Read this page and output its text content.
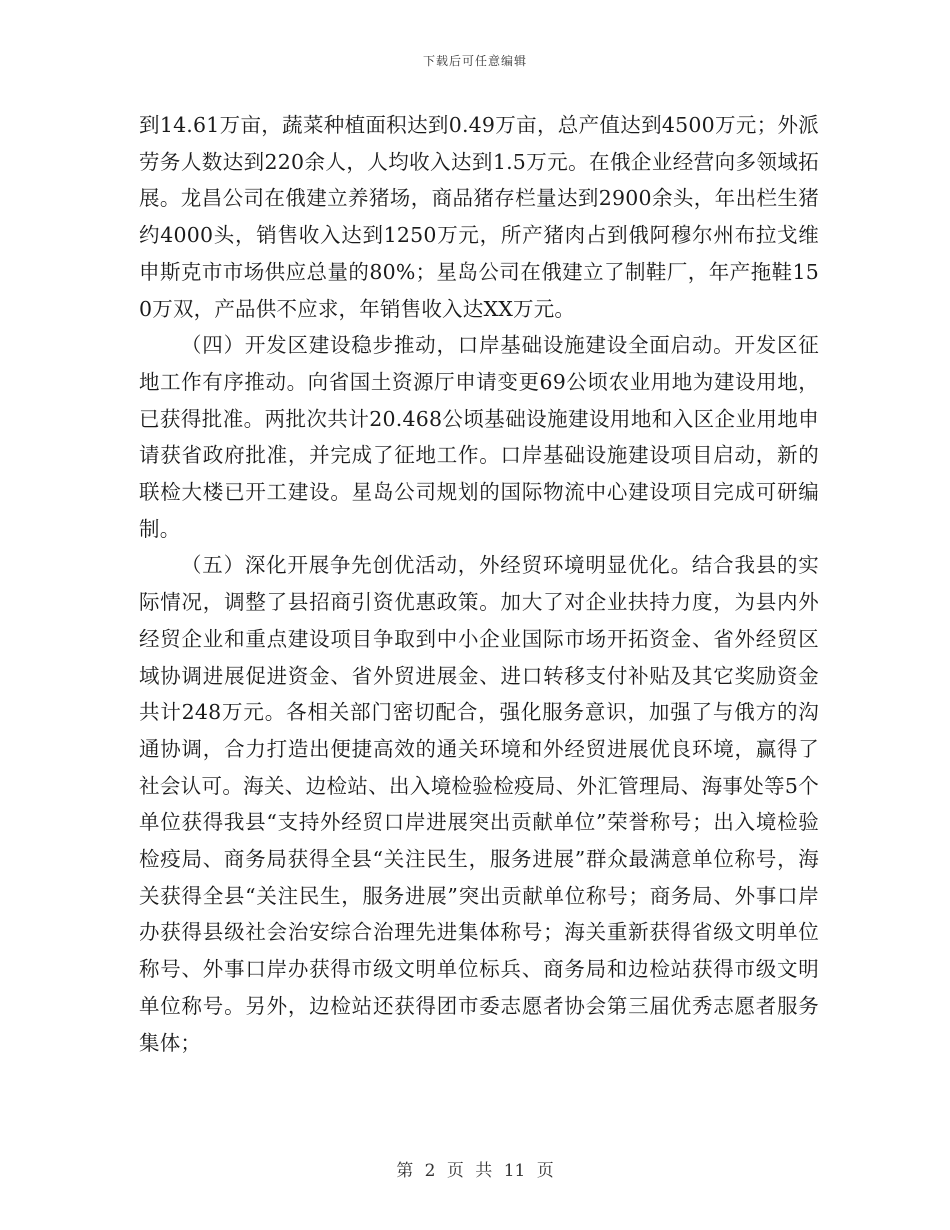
下载后可任意编辑

到14.61万亩，蔬菜种植面积达到0.49万亩，总产值达到4500万元；外派劳务人数达到220余人，人均收入达到1.5万元。在俄企业经营向多领域拓展。龙昌公司在俄建立养猪场，商品猪存栏量达到2900余头，年出栏生猪约4000头，销售收入达到1250万元，所产猪肉占到俄阿穆尔州布拉戈维申斯克市市场供应总量的80%；星岛公司在俄建立了制鞋厂，年产拖鞋150万双，产品供不应求，年销售收入达XX万元。

（四）开发区建设稳步推动，口岸基础设施建设全面启动。开发区征地工作有序推动。向省国土资源厅申请变更69公顷农业用地为建设用地，已获得批准。两批次共计20.468公顷基础设施建设用地和入区企业用地申请获省政府批准，并完成了征地工作。口岸基础设施建设项目启动，新的联检大楼已开工建设。星岛公司规划的国际物流中心建设项目完成可研编制。

（五）深化开展争先创优活动，外经贸环境明显优化。结合我县的实际情况，调整了县招商引资优惠政策。加大了对企业扶持力度，为县内外经贸企业和重点建设项目争取到中小企业国际市场开拓资金、省外经贸区域协调进展促进资金、省外贸进展金、进口转移支付补贴及其它奖励资金共计248万元。各相关部门密切配合，强化服务意识，加强了与俄方的沟通协调，合力打造出便捷高效的通关环境和外经贸进展优良环境，赢得了社会认可。海关、边检站、出入境检验检疫局、外汇管理局、海事处等5个单位获得我县“支持外经贸口岸进展突出贡献单位”荣誉称号；出入境检验检疫局、商务局获得全县“关注民生，服务进展”群众最满意单位称号，海关获得全县“关注民生，服务进展”突出贡献单位称号；商务局、外事口岸办获得县级社会治安综合治理先进集体称号；海关重新获得省级文明单位称号、外事口岸办获得市级文明单位标兵、商务局和边检站获得市级文明单位称号。另外，边检站还获得团市委志愿者协会第三届优秀志愿者服务集体；

第 2 页 共 11 页
